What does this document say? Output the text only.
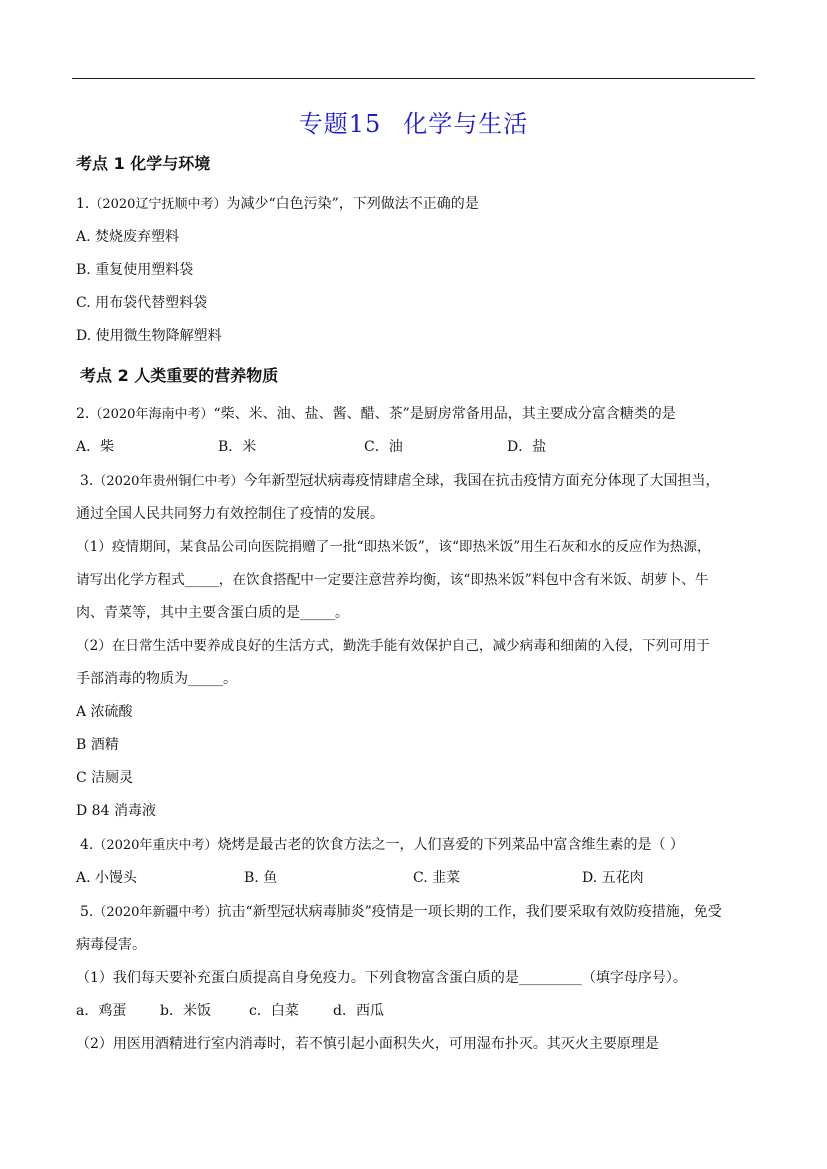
专题15 化学与生活
考点 1 化学与环境
1.（2020辽宁抚顺中考）为减少“白色污染”，下列做法不正确的是
A. 焚烧废弃塑料
B. 重复使用塑料袋
C. 用布袋代替塑料袋
D. 使用微生物降解塑料
考点 2 人类重要的营养物质
2.（2020年海南中考）“柴、米、油、盐、酱、醋、茶”是厨房常备用品，其主要成分富含糖类的是
A．柴	B．米	C．油	D．盐
3.（2020年贵州铜仁中考）今年新型冠状病毒疫情肆虐全球，我国在抗击疫情方面充分体现了大国担当，
通过全国人民共同努力有效控制住了疫情的发展。
（1）疫情期间，某食品公司向医院捐赠了一批“即热米饭”，该“即热米饭”用生石灰和水的反应作为热源，
请写出化学方程式_____，在饮食搭配中一定要注意营养均衡，该“即热米饭”料包中含有米饭、胡萝卜、牛
肉、青菜等，其中主要含蛋白质的是_____。
（2）在日常生活中要养成良好的生活方式，勤洗手能有效保护自己，减少病毒和细菌的入侵，下列可用于
手部消毒的物质为_____。
A 浓硫酸
B 酒精
C 洁厕灵
D 84 消毒液
4.（2020年重庆中考）烧烤是最古老的饮食方法之一，人们喜爱的下列菜品中富含维生素的是（ ）
A. 小馒头	B. 鱼	C. 韭菜	D. 五花肉
5.（2020年新疆中考）抗击“新型冠状病毒肺炎”疫情是一项长期的工作，我们要采取有效防疫措施，免受
病毒侵害。
（1）我们每天要补充蛋白质提高自身免疫力。下列食物富含蛋白质的是_________（填字母序号）。
a．鸡蛋 b．米饭	c．白菜 d．西瓜
（2）用医用酒精进行室内消毒时，若不慎引起小面积失火，可用湿布扑灭。其灭火主要原理是
